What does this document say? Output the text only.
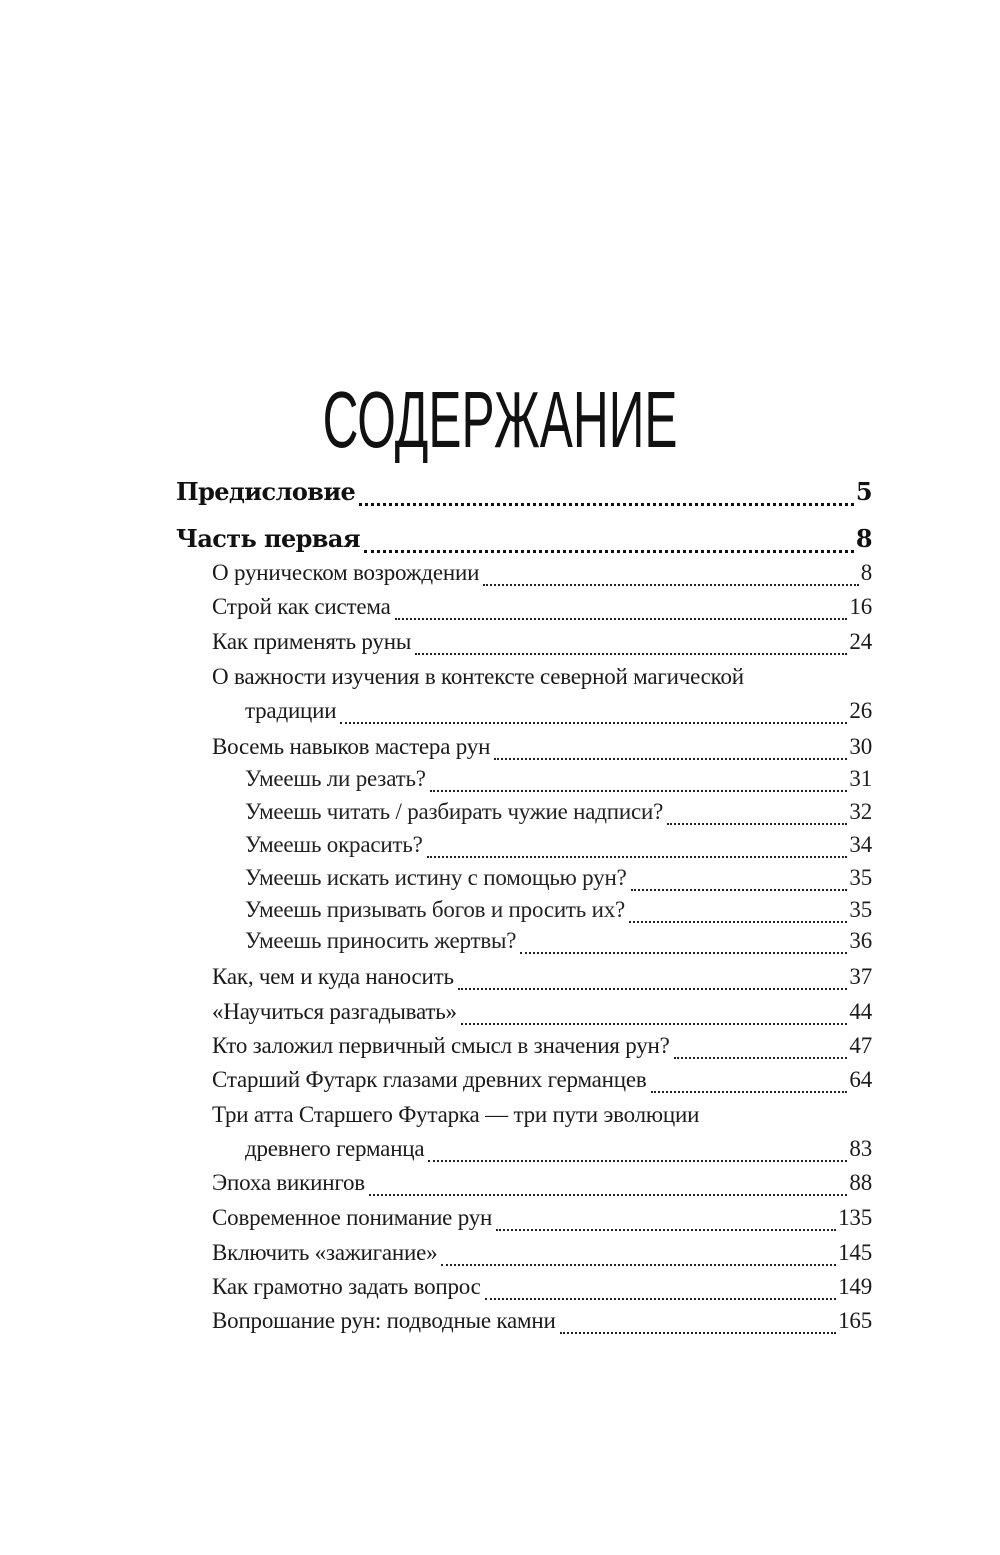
СОДЕРЖАНИЕ
Предисловие	5
Часть первая	8
О руническом возрождении	8
Строй как система	16
Как применять руны	24
О важности изучения в контексте северной магической
традиции	26
Восемь навыков мастера рун	30
Умеешь ли резать?	31
Умеешь читать / разбирать чужие надписи?	32
Умеешь окрасить?	34
Умеешь искать истину с помощью рун?	35
Умеешь призывать богов и просить их?	35
Умеешь приносить жертвы?	36
Как, чем и куда наносить	37
«Научиться разгадывать»	44
Кто заложил первичный смысл в значения рун?	47
Старший Футарк глазами древних германцев	64
Три атта Старшего Футарка — три пути эволюции
древнего германца	83
Эпоха викингов	88
Современное понимание рун	135
Включить «зажигание»	145
Как грамотно задать вопрос	149
Вопрошание рун: подводные камни	165
